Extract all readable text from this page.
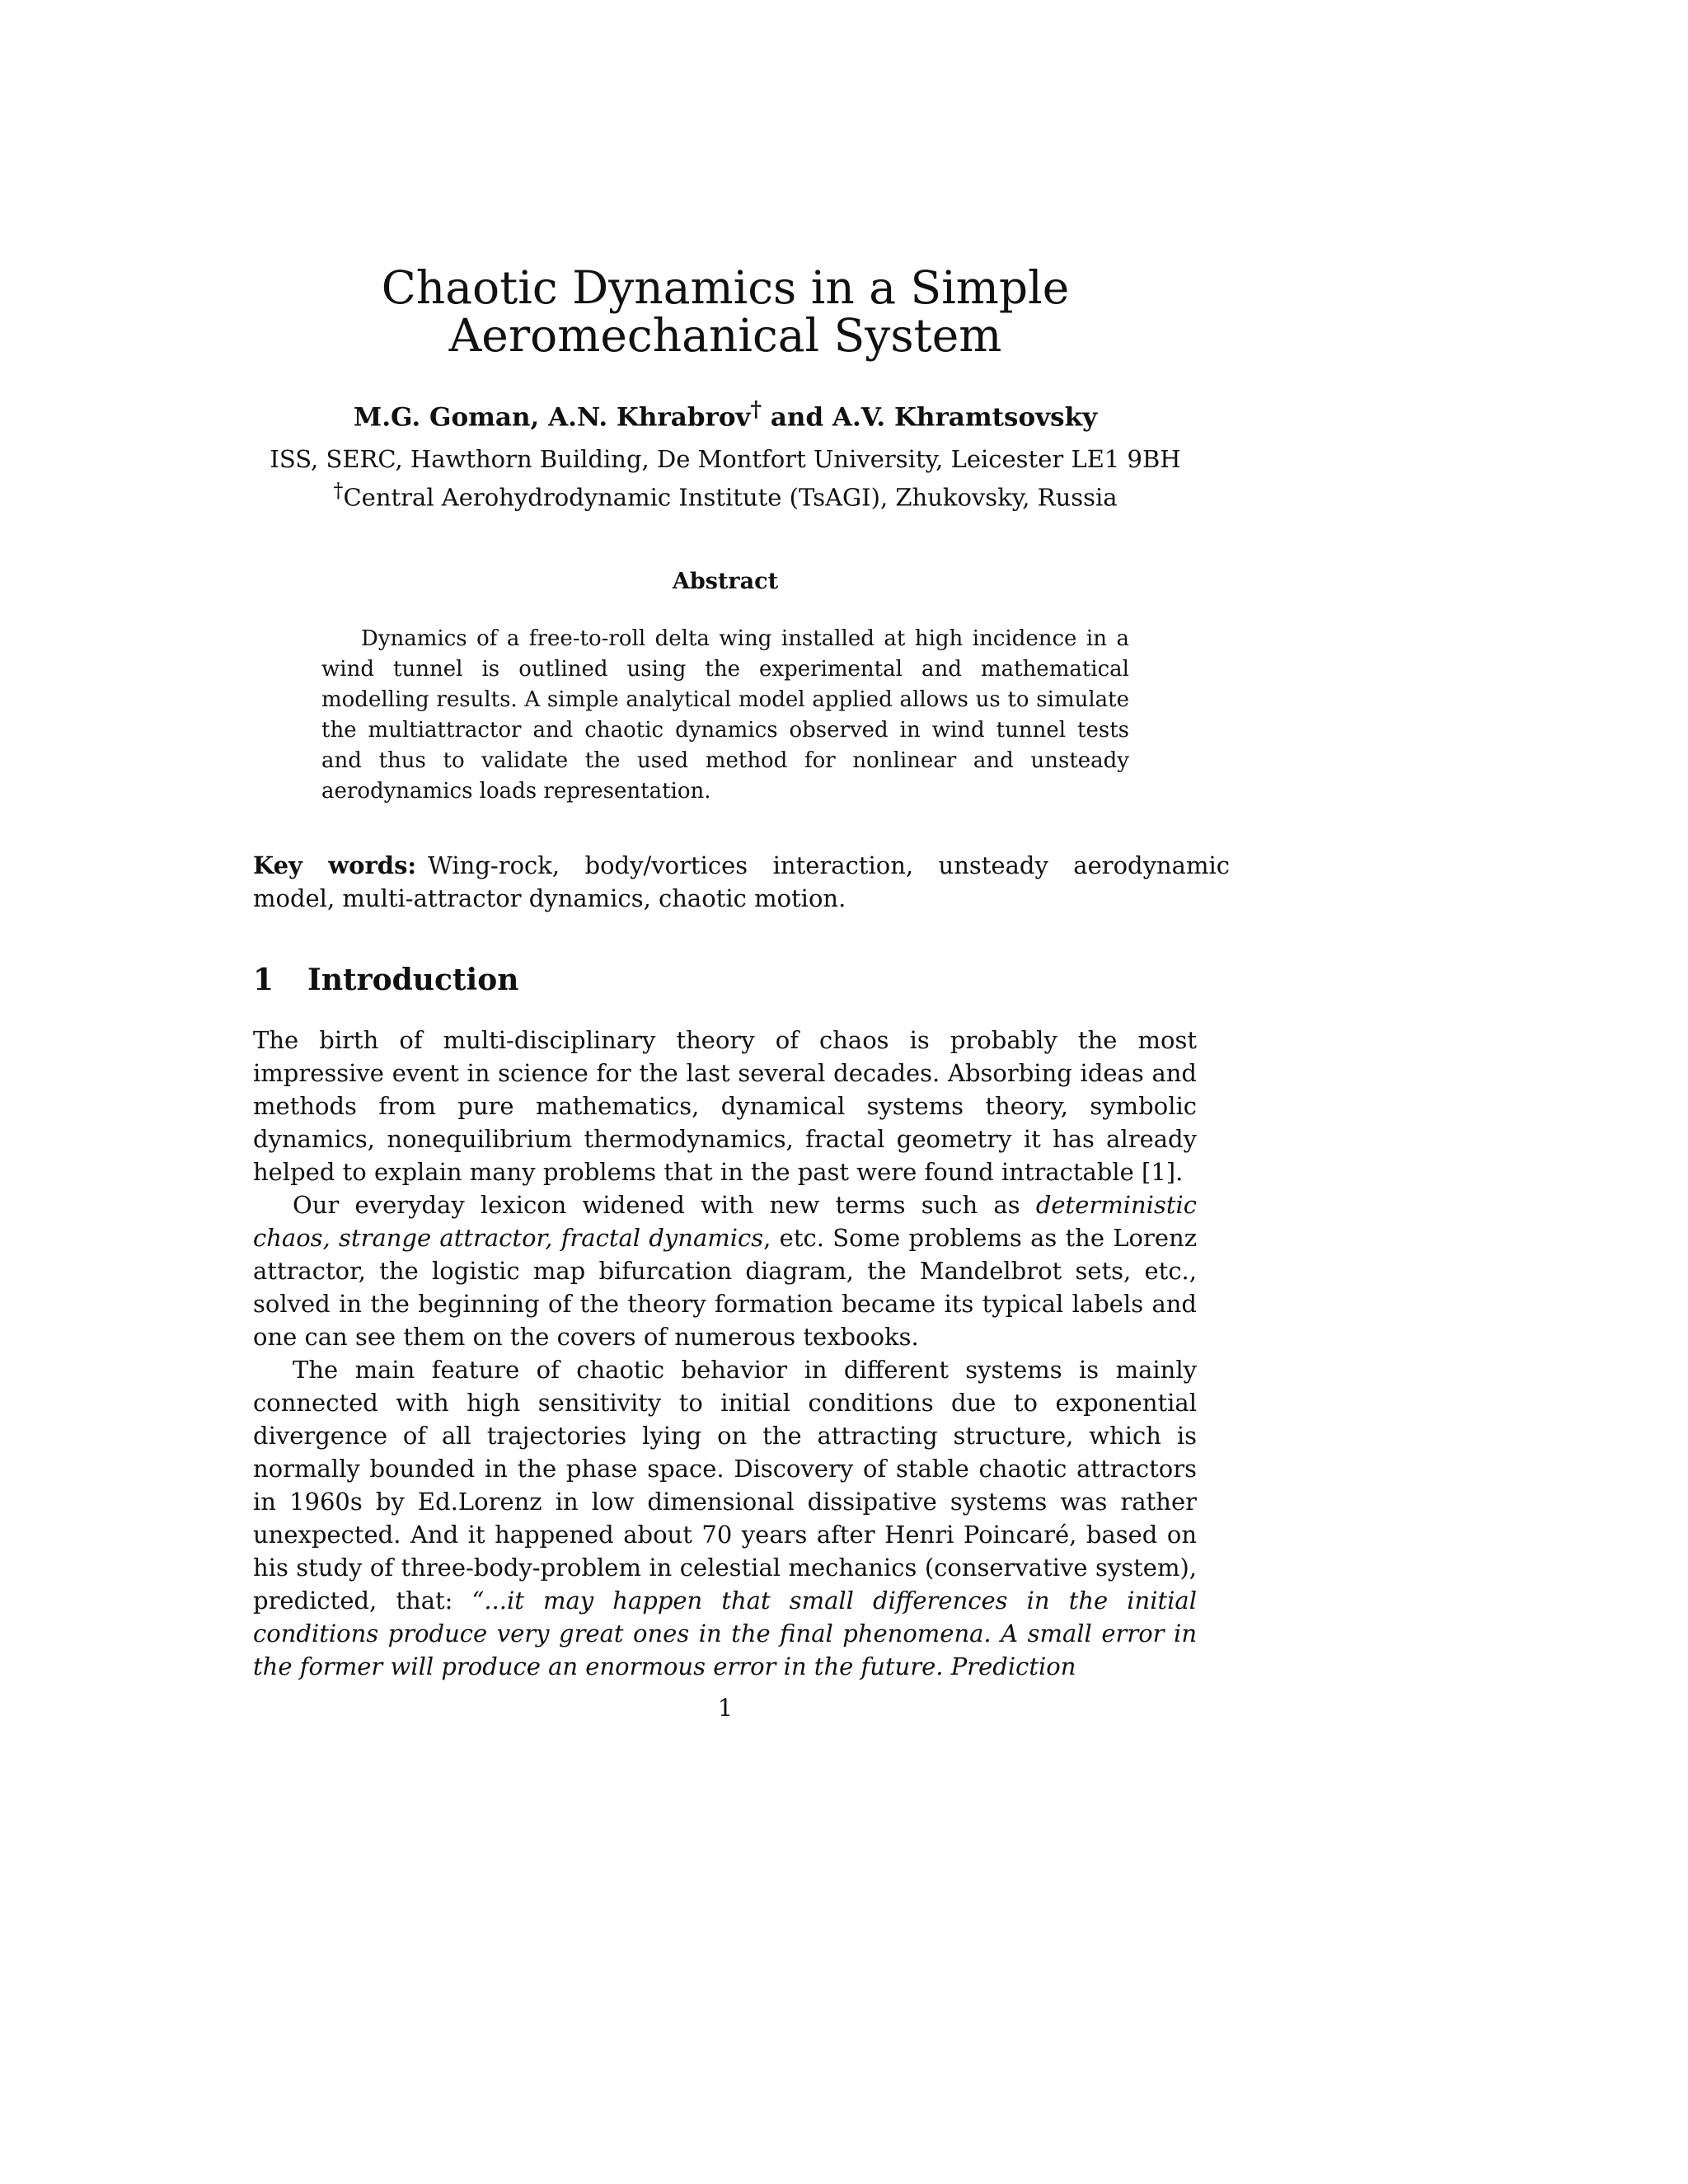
Chaotic Dynamics in a Simple
Aeromechanical System
M.G. Goman, A.N. Khrabrov† and A.V. Khramtsovsky
ISS, SERC, Hawthorn Building, De Montfort University, Leicester LE1 9BH
†Central Aerohydrodynamic Institute (TsAGI), Zhukovsky, Russia
Abstract
Dynamics of a free-to-roll delta wing installed at high incidence in a wind tunnel is outlined using the experimental and mathematical modelling results. A simple analytical model applied allows us to simulate the multiattractor and chaotic dynamics observed in wind tunnel tests and thus to validate the used method for nonlinear and unsteady aerodynamics loads representation.
Key words: Wing-rock, body/vortices interaction, unsteady aerodynamic model, multi-attractor dynamics, chaotic motion.
1 Introduction

The birth of multi-disciplinary theory of chaos is probably the most impressive event in science for the last several decades. Absorbing ideas and methods from pure mathematics, dynamical systems theory, symbolic dynamics, nonequilibrium thermodynamics, fractal geometry it has already helped to explain many problems that in the past were found intractable [1].

Our everyday lexicon widened with new terms such as deterministic chaos, strange attractor, fractal dynamics, etc. Some problems as the Lorenz attractor, the logistic map bifurcation diagram, the Mandelbrot sets, etc., solved in the beginning of the theory formation became its typical labels and one can see them on the covers of numerous texbooks.

The main feature of chaotic behavior in different systems is mainly connected with high sensitivity to initial conditions due to exponential divergence of all trajectories lying on the attracting structure, which is normally bounded in the phase space. Discovery of stable chaotic attractors in 1960s by Ed.Lorenz in low dimensional dissipative systems was rather unexpected. And it happened about 70 years after Henri Poincaré, based on his study of three-body-problem in celestial mechanics (conservative system), predicted, that: “...it may happen that small differences in the initial conditions produce very great ones in the final phenomena. A small error in the former will produce an enormous error in the future. Prediction

1
